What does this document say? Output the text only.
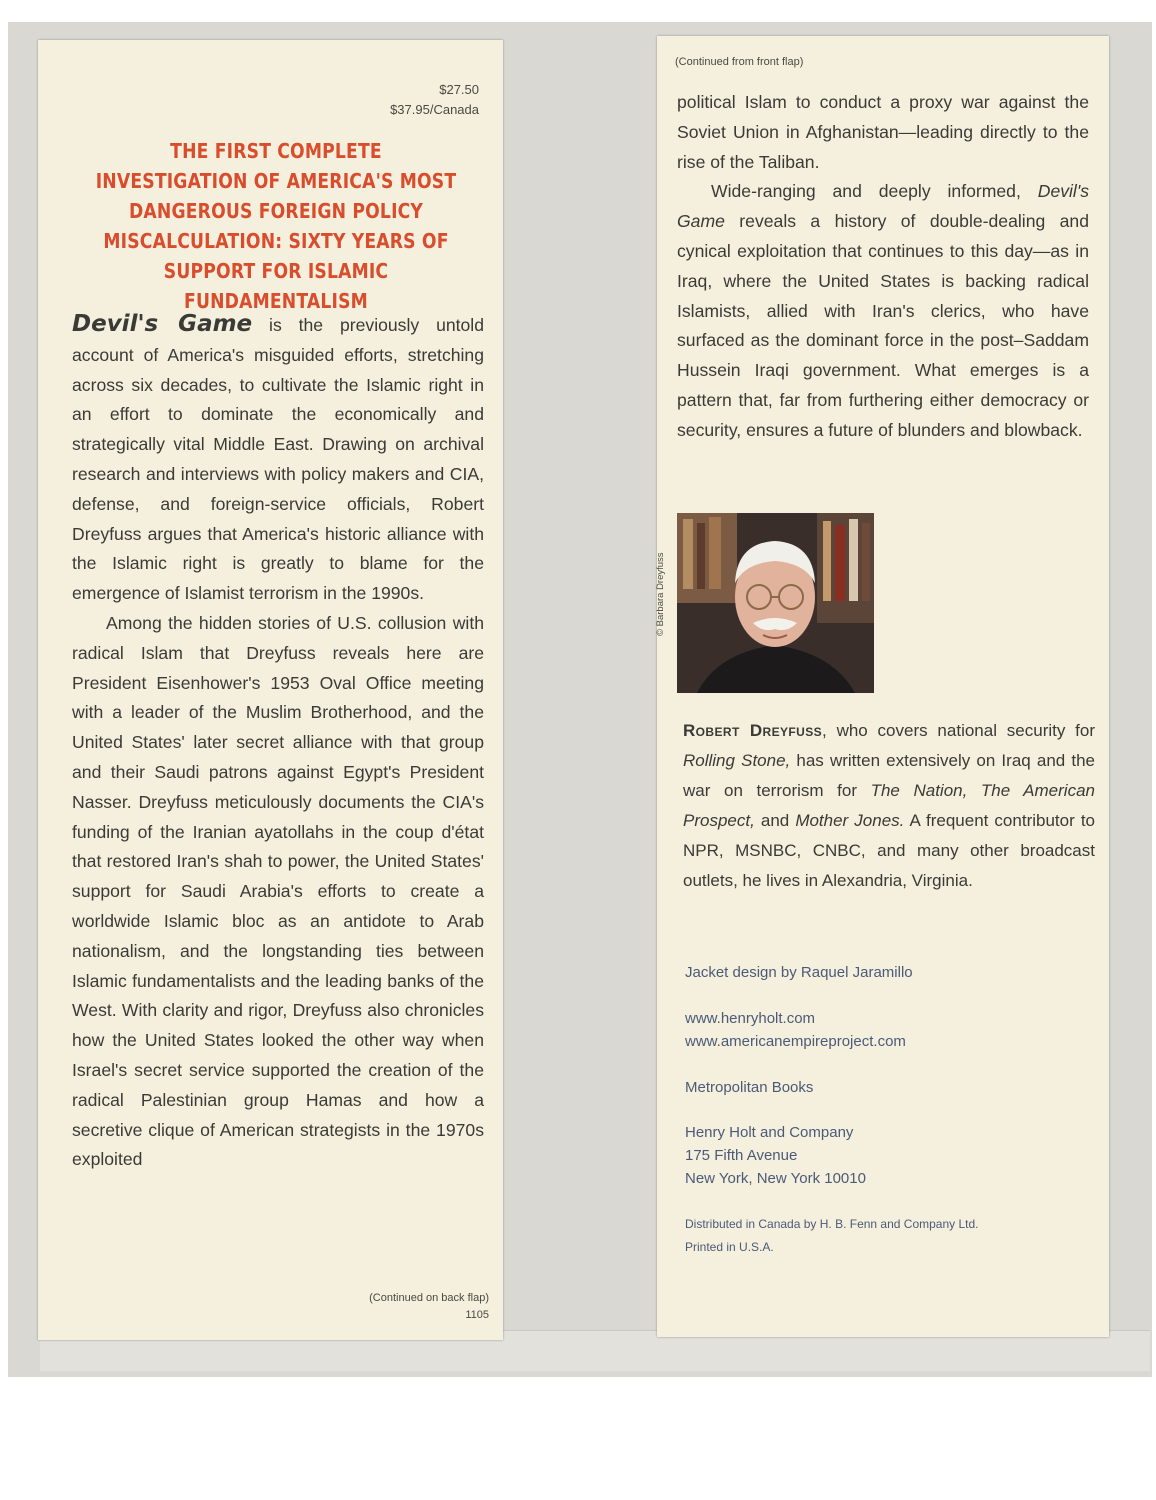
$27.50
$37.95/Canada
THE FIRST COMPLETE INVESTIGATION OF AMERICA'S MOST DANGEROUS FOREIGN POLICY MISCALCULATION: SIXTY YEARS OF SUPPORT FOR ISLAMIC FUNDAMENTALISM
Devil's Game is the previously untold account of America's misguided efforts, stretching across six decades, to cultivate the Islamic right in an effort to dominate the economically and strategically vital Middle East. Drawing on archival research and interviews with policy makers and CIA, defense, and foreign-service officials, Robert Dreyfuss argues that America's historic alliance with the Islamic right is greatly to blame for the emergence of Islamist terrorism in the 1990s.
Among the hidden stories of U.S. collusion with radical Islam that Dreyfuss reveals here are President Eisenhower's 1953 Oval Office meeting with a leader of the Muslim Brotherhood, and the United States' later secret alliance with that group and their Saudi patrons against Egypt's President Nasser. Dreyfuss meticulously documents the CIA's funding of the Iranian ayatollahs in the coup d'état that restored Iran's shah to power, the United States' support for Saudi Arabia's efforts to create a worldwide Islamic bloc as an antidote to Arab nationalism, and the longstanding ties between Islamic fundamentalists and the leading banks of the West. With clarity and rigor, Dreyfuss also chronicles how the United States looked the other way when Israel's secret service supported the creation of the radical Palestinian group Hamas and how a secretive clique of American strategists in the 1970s exploited
(Continued on back flap)
1105
(Continued from front flap)
political Islam to conduct a proxy war against the Soviet Union in Afghanistan—leading directly to the rise of the Taliban.
Wide-ranging and deeply informed, Devil's Game reveals a history of double-dealing and cynical exploitation that continues to this day—as in Iraq, where the United States is backing radical Islamists, allied with Iran's clerics, who have surfaced as the dominant force in the post–Saddam Hussein Iraqi government. What emerges is a pattern that, far from furthering either democracy or security, ensures a future of blunders and blowback.
© Barbara Dreyfuss
Robert Dreyfuss, who covers national security for Rolling Stone, has written extensively on Iraq and the war on terrorism for The Nation, The American Prospect, and Mother Jones. A frequent contributor to NPR, MSNBC, CNBC, and many other broadcast outlets, he lives in Alexandria, Virginia.
Jacket design by Raquel Jaramillo
www.henryholt.com
www.americanempireproject.com
Metropolitan Books
Henry Holt and Company
175 Fifth Avenue
New York, New York 10010
Distributed in Canada by H. B. Fenn and Company Ltd.
Printed in U.S.A.
